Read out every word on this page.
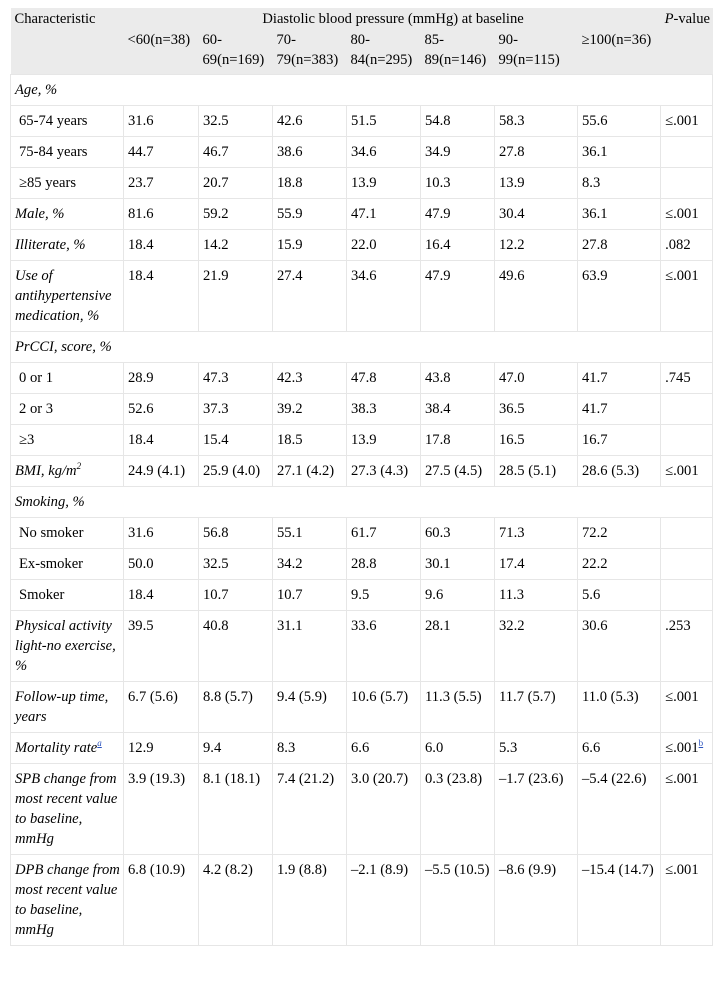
Characteristic	Diastolic blood pressure (mmHg) at baseline							P-value
	<60(n=38)	60-69(n=169)	70-79(n=383)	80-84(n=295)	85-89(n=146)	90-99(n=115)	≥100(n=36)	
Age, %								
65-74 years	31.6	32.5	42.6	51.5	54.8	58.3	55.6	≤.001
75-84 years	44.7	46.7	38.6	34.6	34.9	27.8	36.1	
≥85 years	23.7	20.7	18.8	13.9	10.3	13.9	8.3	
Male, %	81.6	59.2	55.9	47.1	47.9	30.4	36.1	≤.001
Illiterate, %	18.4	14.2	15.9	22.0	16.4	12.2	27.8	.082
Use of antihypertensive medication, %	18.4	21.9	27.4	34.6	47.9	49.6	63.9	≤.001
PrCCI, score, %								
0 or 1	28.9	47.3	42.3	47.8	43.8	47.0	41.7	.745
2 or 3	52.6	37.3	39.2	38.3	38.4	36.5	41.7	
≥3	18.4	15.4	18.5	13.9	17.8	16.5	16.7	
BMI, $kg/m^2$	24.9 (4.1)	25.9 (4.0)	27.1 (4.2)	27.3 (4.3)	27.5 (4.5)	28.5 (5.1)	28.6 (5.3)	≤.001
Smoking, %								
No smoker	31.6	56.8	55.1	61.7	60.3	71.3	72.2	
Ex-smoker	50.0	32.5	34.2	28.8	30.1	17.4	22.2	
Smoker	18.4	10.7	10.7	9.5	9.6	11.3	5.6	
Physical activity light-no exercise, %	39.5	40.8	31.1	33.6	28.1	32.2	30.6	.253
Follow-up time, years	6.7 (5.6)	8.8 (5.7)	9.4 (5.9)	10.6 (5.7)	11.3 (5.5)	11.7 (5.7)	11.0 (5.3)	≤.001
Mortality rate$^a$	12.9	9.4	8.3	6.6	6.0	5.3	6.6	≤.001$^b$
SPB change from most recent value to baseline, mmHg	3.9 (19.3)	8.1 (18.1)	7.4 (21.2)	3.0 (20.7)	0.3 (23.8)	–1.7 (23.6)	–5.4 (22.6)	≤.001
DPB change from most recent value to baseline, mmHg	6.8 (10.9)	4.2 (8.2)	1.9 (8.8)	–2.1 (8.9)	–5.5 (10.5)	–8.6 (9.9)	–15.4 (14.7)	≤.001
